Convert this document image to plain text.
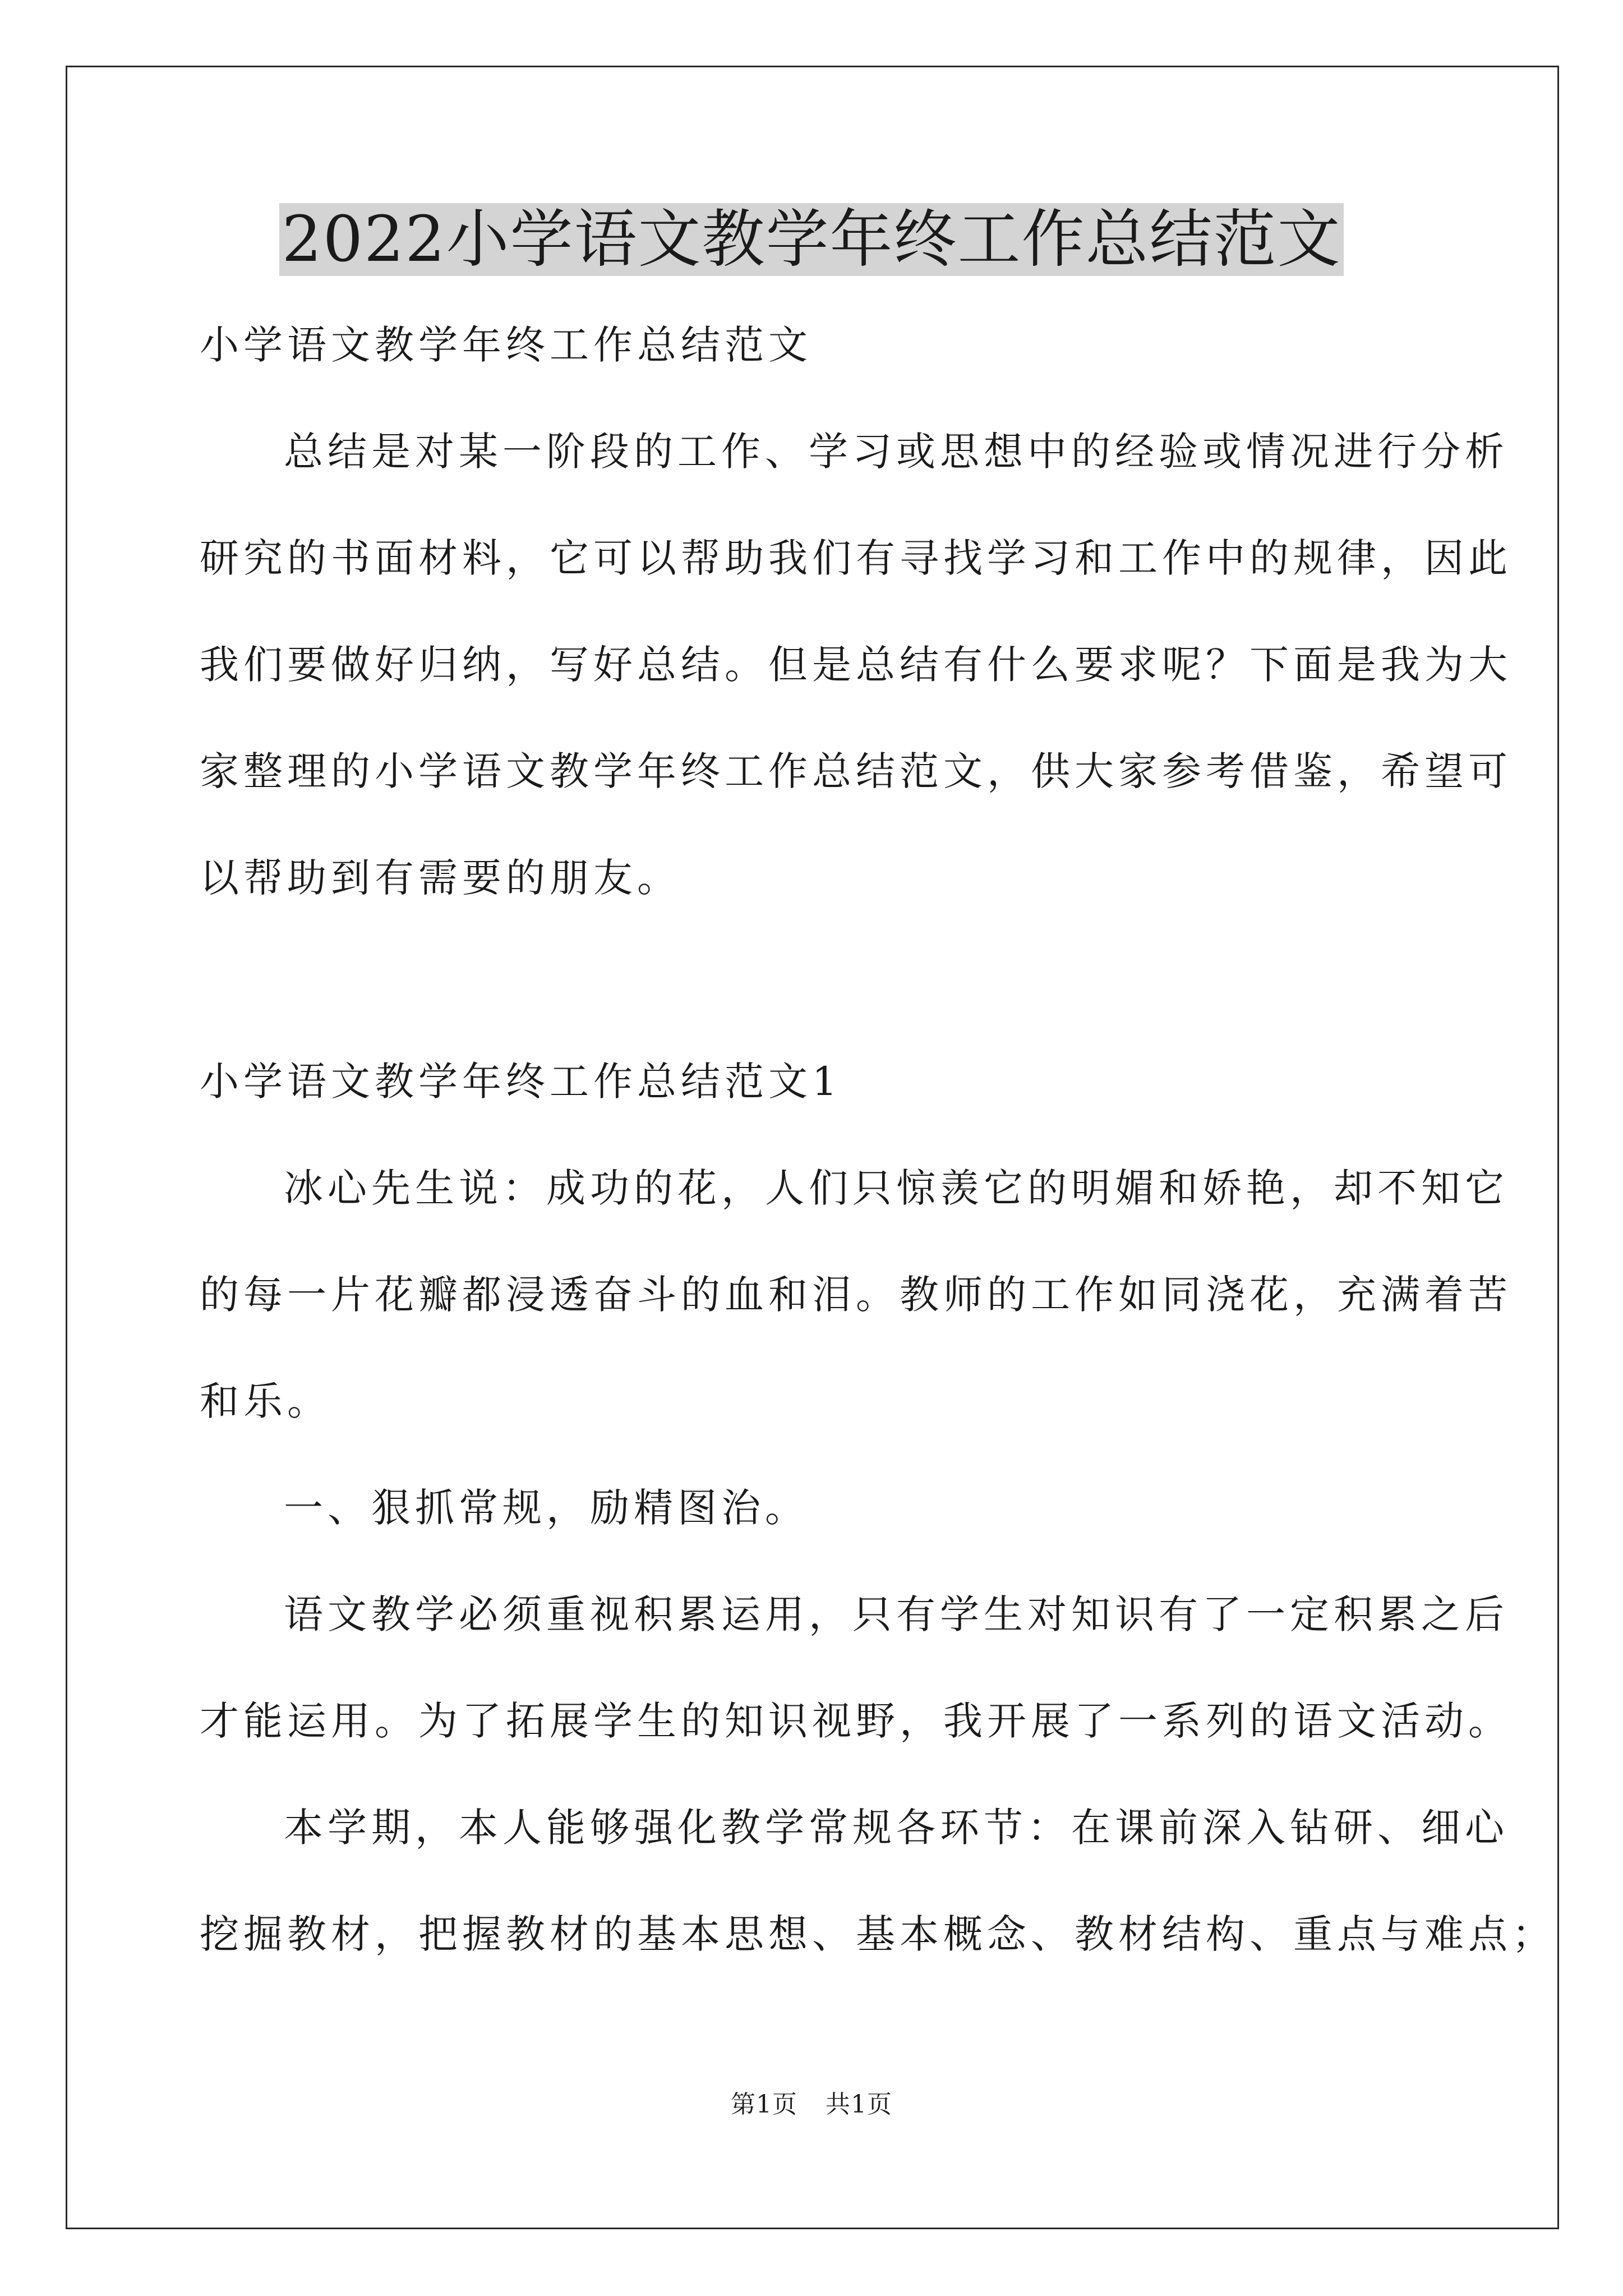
2022小学语文教学年终工作总结范文
小学语文教学年终工作总结范文
总结是对某一阶段的工作、学习或思想中的经验或情况进行分析
研究的书面材料，它可以帮助我们有寻找学习和工作中的规律，因此
我们要做好归纳，写好总结。但是总结有什么要求呢？下面是我为大
家整理的小学语文教学年终工作总结范文，供大家参考借鉴，希望可
以帮助到有需要的朋友。
小学语文教学年终工作总结范文1
冰心先生说：成功的花，人们只惊羡它的明媚和娇艳，却不知它
的每一片花瓣都浸透奋斗的血和泪。教师的工作如同浇花，充满着苦
和乐。
一、狠抓常规，励精图治。
语文教学必须重视积累运用，只有学生对知识有了一定积累之后
才能运用。为了拓展学生的知识视野，我开展了一系列的语文活动。
本学期，本人能够强化教学常规各环节：在课前深入钻研、细心
挖掘教材，把握教材的基本思想、基本概念、教材结构、重点与难点；
第1页 共1页
